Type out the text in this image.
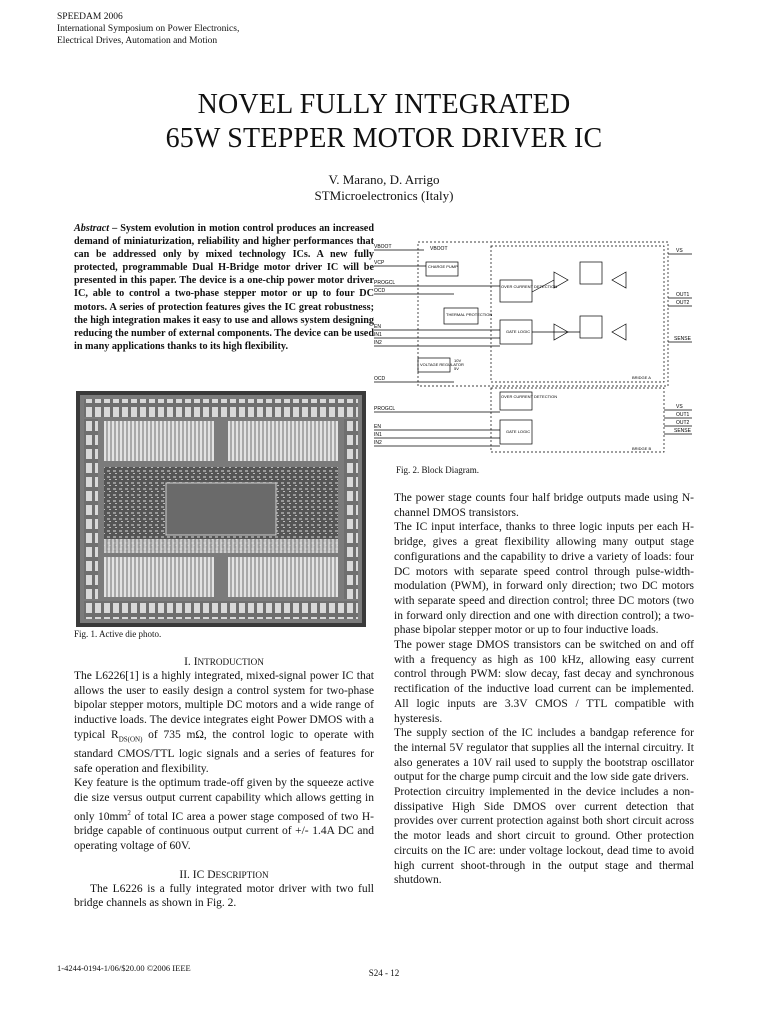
SPEEDAM 2006
International Symposium on Power Electronics,
Electrical Drives, Automation and Motion
NOVEL FULLY INTEGRATED
65W STEPPER MOTOR DRIVER IC
V. Marano, D. Arrigo
STMicroelectronics (Italy)
Abstract – System evolution in motion control produces an increased demand of miniaturization, reliability and higher performances that can be addressed only by mixed technology ICs. A new fully protected, programmable Dual H-Bridge motor driver IC will be presented in this paper. The device is a one-chip power motor driver IC, able to control a two-phase stepper motor or up to four DC motors. A series of protection features gives the IC great robustness; the high integration makes it easy to use and allows system designing reducing the number of external components. The device can be used in many applications thanks to its high flexibility.
Fig. 1. Active die photo.
VBOOT
VCP
PROGCL
OCD
EN
IN1
IN2
OCD
PROGCL
EN
IN1
IN2
VS
OUT1
OUT2
SENSE
VS
OUT1
OUT2
SENSE
VBOOT
CHARGE PUMP
THERMAL PROTECTION
OVER CURRENT DETECTION
GATE LOGIC
VOLTAGE REGULATOR
10V
5V
OVER CURRENT DETECTION
GATE LOGIC
BRIDGE A
BRIDGE B
Fig. 2. Block Diagram.
I. INTRODUCTION

The L6226[1] is a highly integrated, mixed-signal power IC that allows the user to easily design a control system for two-phase bipolar stepper motors, multiple DC motors and a wide range of inductive loads. The device integrates eight Power DMOS with a typical $R_{DS(ON)}$ of 735 mΩ, the control logic to operate with standard CMOS/TTL logic signals and a series of features for safe operation and flexibility.

Key feature is the optimum trade-off given by the squeeze active die size versus output current capability which allows getting in only $10mm^2$ of total IC area a power stage composed of two H-bridge capable of continuous output current of +/- 1.4A DC and operating voltage of 60V.

II. IC DESCRIPTION

The L6226 is a fully integrated motor driver with two full bridge channels as shown in Fig. 2.

The power stage counts four half bridge outputs made using N-channel DMOS transistors.

The IC input interface, thanks to three logic inputs per each H-bridge, gives a great flexibility allowing many output stage configurations and the capability to drive a variety of loads: four DC motors with separate speed control through pulse-width-modulation (PWM), in forward only direction; two DC motors with separate speed and direction control; three DC motors (two in forward only direction and one with direction control); a two-phase bipolar stepper motor or up to four inductive loads.

The power stage DMOS transistors can be switched on and off with a frequency as high as 100 kHz, allowing easy current control through PWM: slow decay, fast decay and synchronous rectification of the inductive load current can be implemented. All logic inputs are 3.3V CMOS / TTL compatible with hysteresis.

The supply section of the IC includes a bandgap reference for the internal 5V regulator that supplies all the internal circuitry. It also generates a 10V rail used to supply the bootstrap oscillator output for the charge pump circuit and the low side gate drivers.

Protection circuitry implemented in the device includes a non-dissipative High Side DMOS over current detection that provides over current protection against both short circuit across the motor leads and short circuit to ground. Other protection circuits on the IC are: under voltage lockout, dead time to avoid high current shoot-through in the output stage and thermal shutdown.

1-4244-0194-1/06/$20.00 ©2006 IEEE	S24 - 12
